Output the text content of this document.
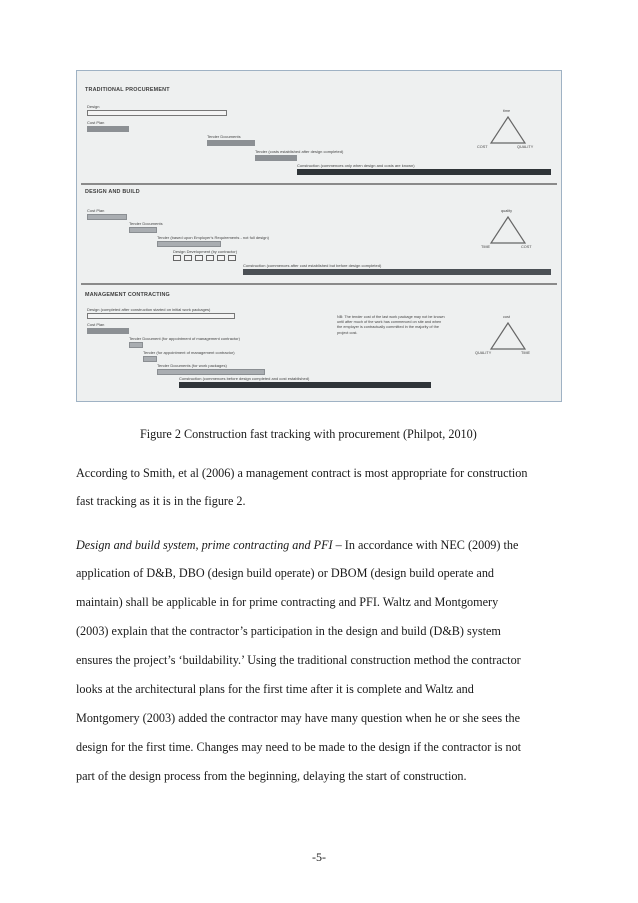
TRADITIONAL PROCUREMENT
Design
Cost Plan
Tender Documents
Tender (costs established after design completed)
Construction (commences only when design and costs are known)
time
COST	QUALITY
DESIGN AND BUILD
Cost Plan
Tender Documents
Tender (based upon Employer's Requirements - not full design)
Design Development (by contractor)
Construction (commences after cost established but before design completed)
quality
TIME	COST
MANAGEMENT CONTRACTING
Design (completed after construction started on initial work packages)
Cost Plan
Tender Document (for appointment of management contractor)
Tender (for appointment of management contractor)
Tender Documents (for work packages)
Construction (commences before design completed and cost established)
NB: The tender cost of the last work package may not be known until after much of the work has commenced on site and when the employer is contractually committed in the majority of the project cost.
cost
QUALITY	TIME
Figure 2 Construction fast tracking with procurement (Philpot, 2010)
According to Smith, et al (2006) a management contract is most appropriate for construction
fast tracking as it is in the figure 2.
Design and build system, prime contracting and PFI – In accordance with NEC (2009) the
application of D&B, DBO (design build operate) or DBOM (design build operate and
maintain) shall be applicable in for prime contracting and PFI. Waltz and Montgomery
(2003) explain that the contractor’s participation in the design and build (D&B) system
ensures the project’s ‘buildability.’ Using the traditional construction method the contractor
looks at the architectural plans for the first time after it is complete and Waltz and
Montgomery (2003) added the contractor may have many question when he or she sees the
design for the first time. Changes may need to be made to the design if the contractor is not
part of the design process from the beginning, delaying the start of construction.
-5-
